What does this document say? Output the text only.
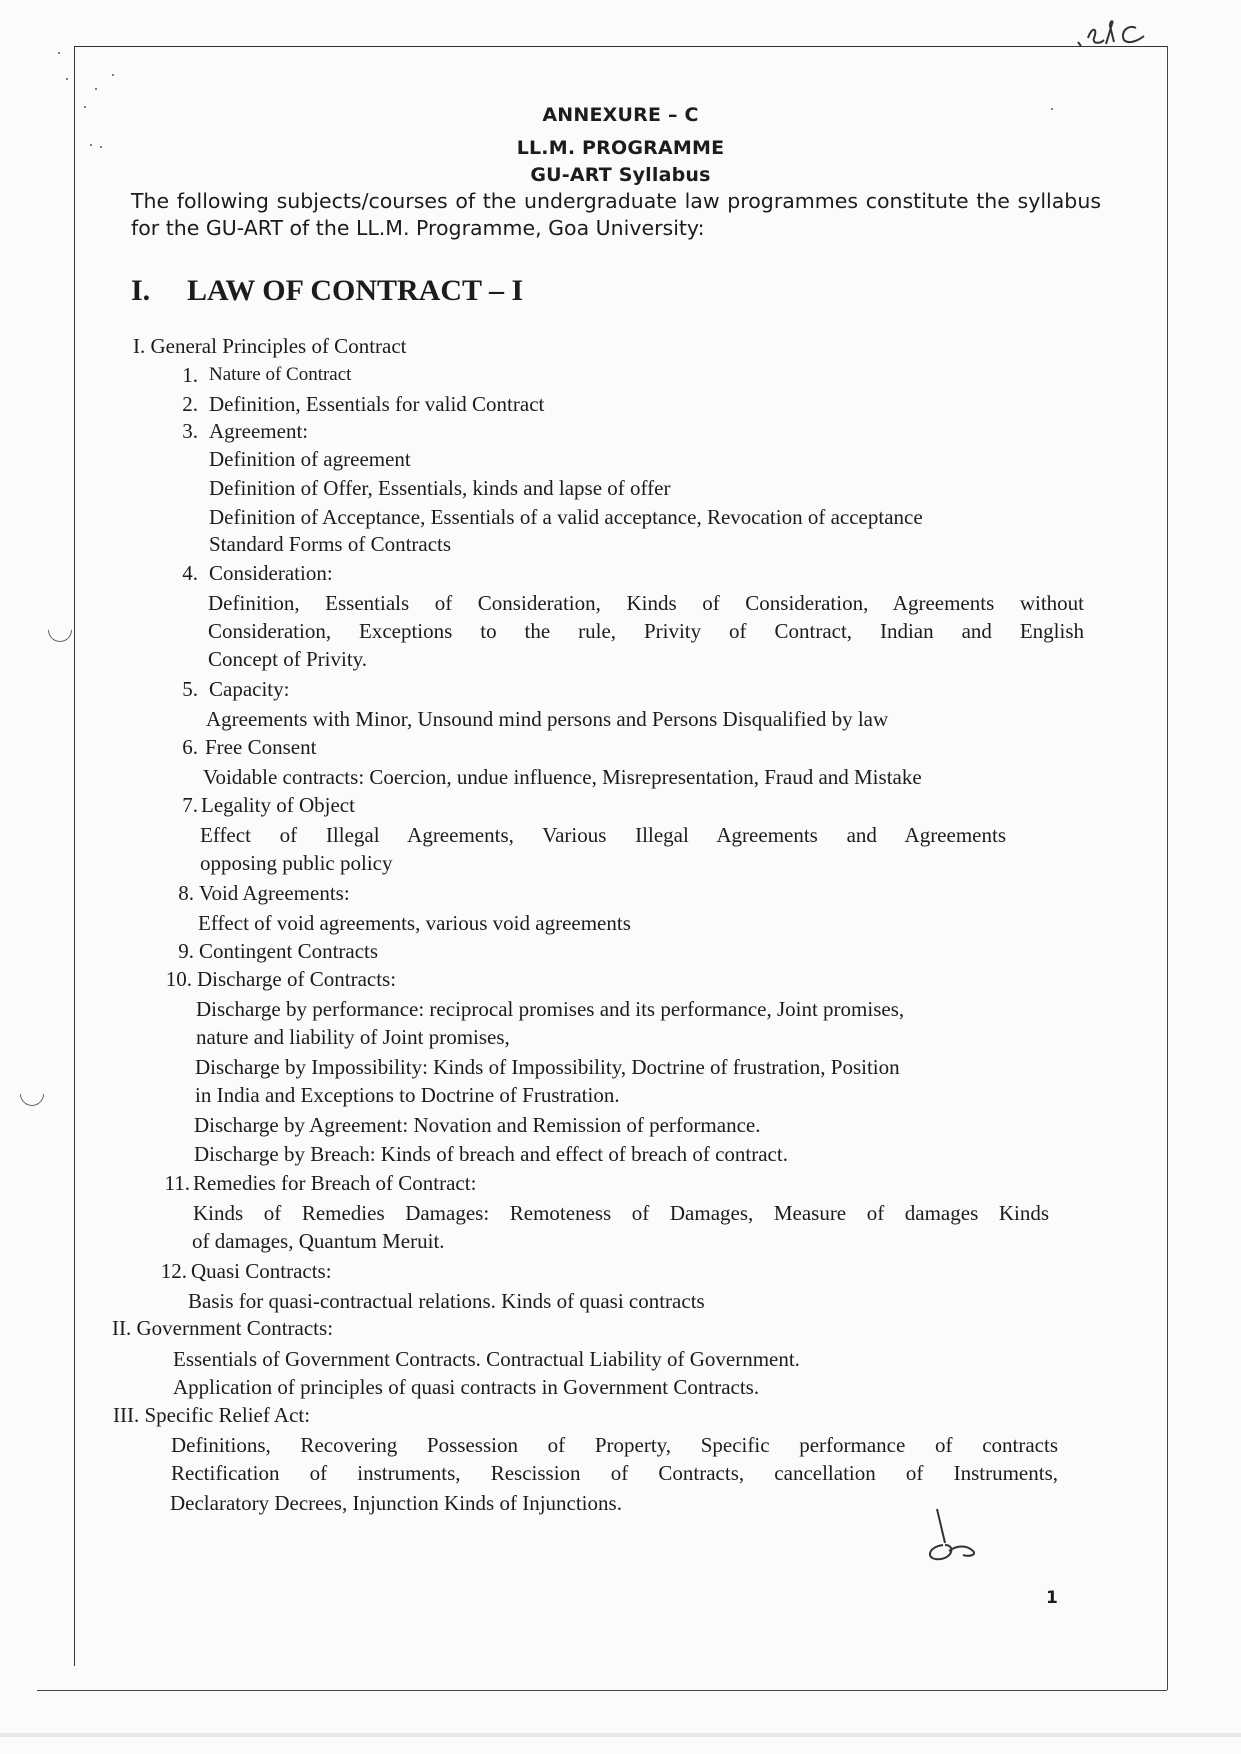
ANNEXURE – C
LL.M. PROGRAMME
GU-ART Syllabus
The following subjects/courses of the undergraduate law programmes constitute the syllabus for the GU-ART of the LL.M. Programme, Goa University:
I. LAW OF CONTRACT – I
I. General Principles of Contract
1. Nature of Contract
2. Definition, Essentials for valid Contract
3. Agreement:
Definition of agreement
Definition of Offer, Essentials, kinds and lapse of offer
Definition of Acceptance, Essentials of a valid acceptance, Revocation of acceptance
Standard Forms of Contracts
4. Consideration:
Definition, Essentials of Consideration, Kinds of Consideration, Agreements without
Consideration, Exceptions to the rule, Privity of Contract, Indian and English
Concept of Privity.
5. Capacity:
Agreements with Minor, Unsound mind persons and Persons Disqualified by law
6. Free Consent
Voidable contracts: Coercion, undue influence, Misrepresentation, Fraud and Mistake
7. Legality of Object
Effect of Illegal Agreements, Various Illegal Agreements and Agreements
opposing public policy
8. Void Agreements:
Effect of void agreements, various void agreements
9. Contingent Contracts
10. Discharge of Contracts:
Discharge by performance: reciprocal promises and its performance, Joint promises,
nature and liability of Joint promises,
Discharge by Impossibility: Kinds of Impossibility, Doctrine of frustration, Position
in India and Exceptions to Doctrine of Frustration.
Discharge by Agreement: Novation and Remission of performance.
Discharge by Breach: Kinds of breach and effect of breach of contract.
11. Remedies for Breach of Contract:
Kinds of Remedies Damages: Remoteness of Damages, Measure of damages Kinds
of damages, Quantum Meruit.
12. Quasi Contracts:
Basis for quasi-contractual relations. Kinds of quasi contracts
II. Government Contracts:
Essentials of Government Contracts. Contractual Liability of Government.
Application of principles of quasi contracts in Government Contracts.
III. Specific Relief Act:
Definitions, Recovering Possession of Property, Specific performance of contracts
Rectification of instruments, Rescission of Contracts, cancellation of Instruments,
Declaratory Decrees, Injunction Kinds of Injunctions.
1
